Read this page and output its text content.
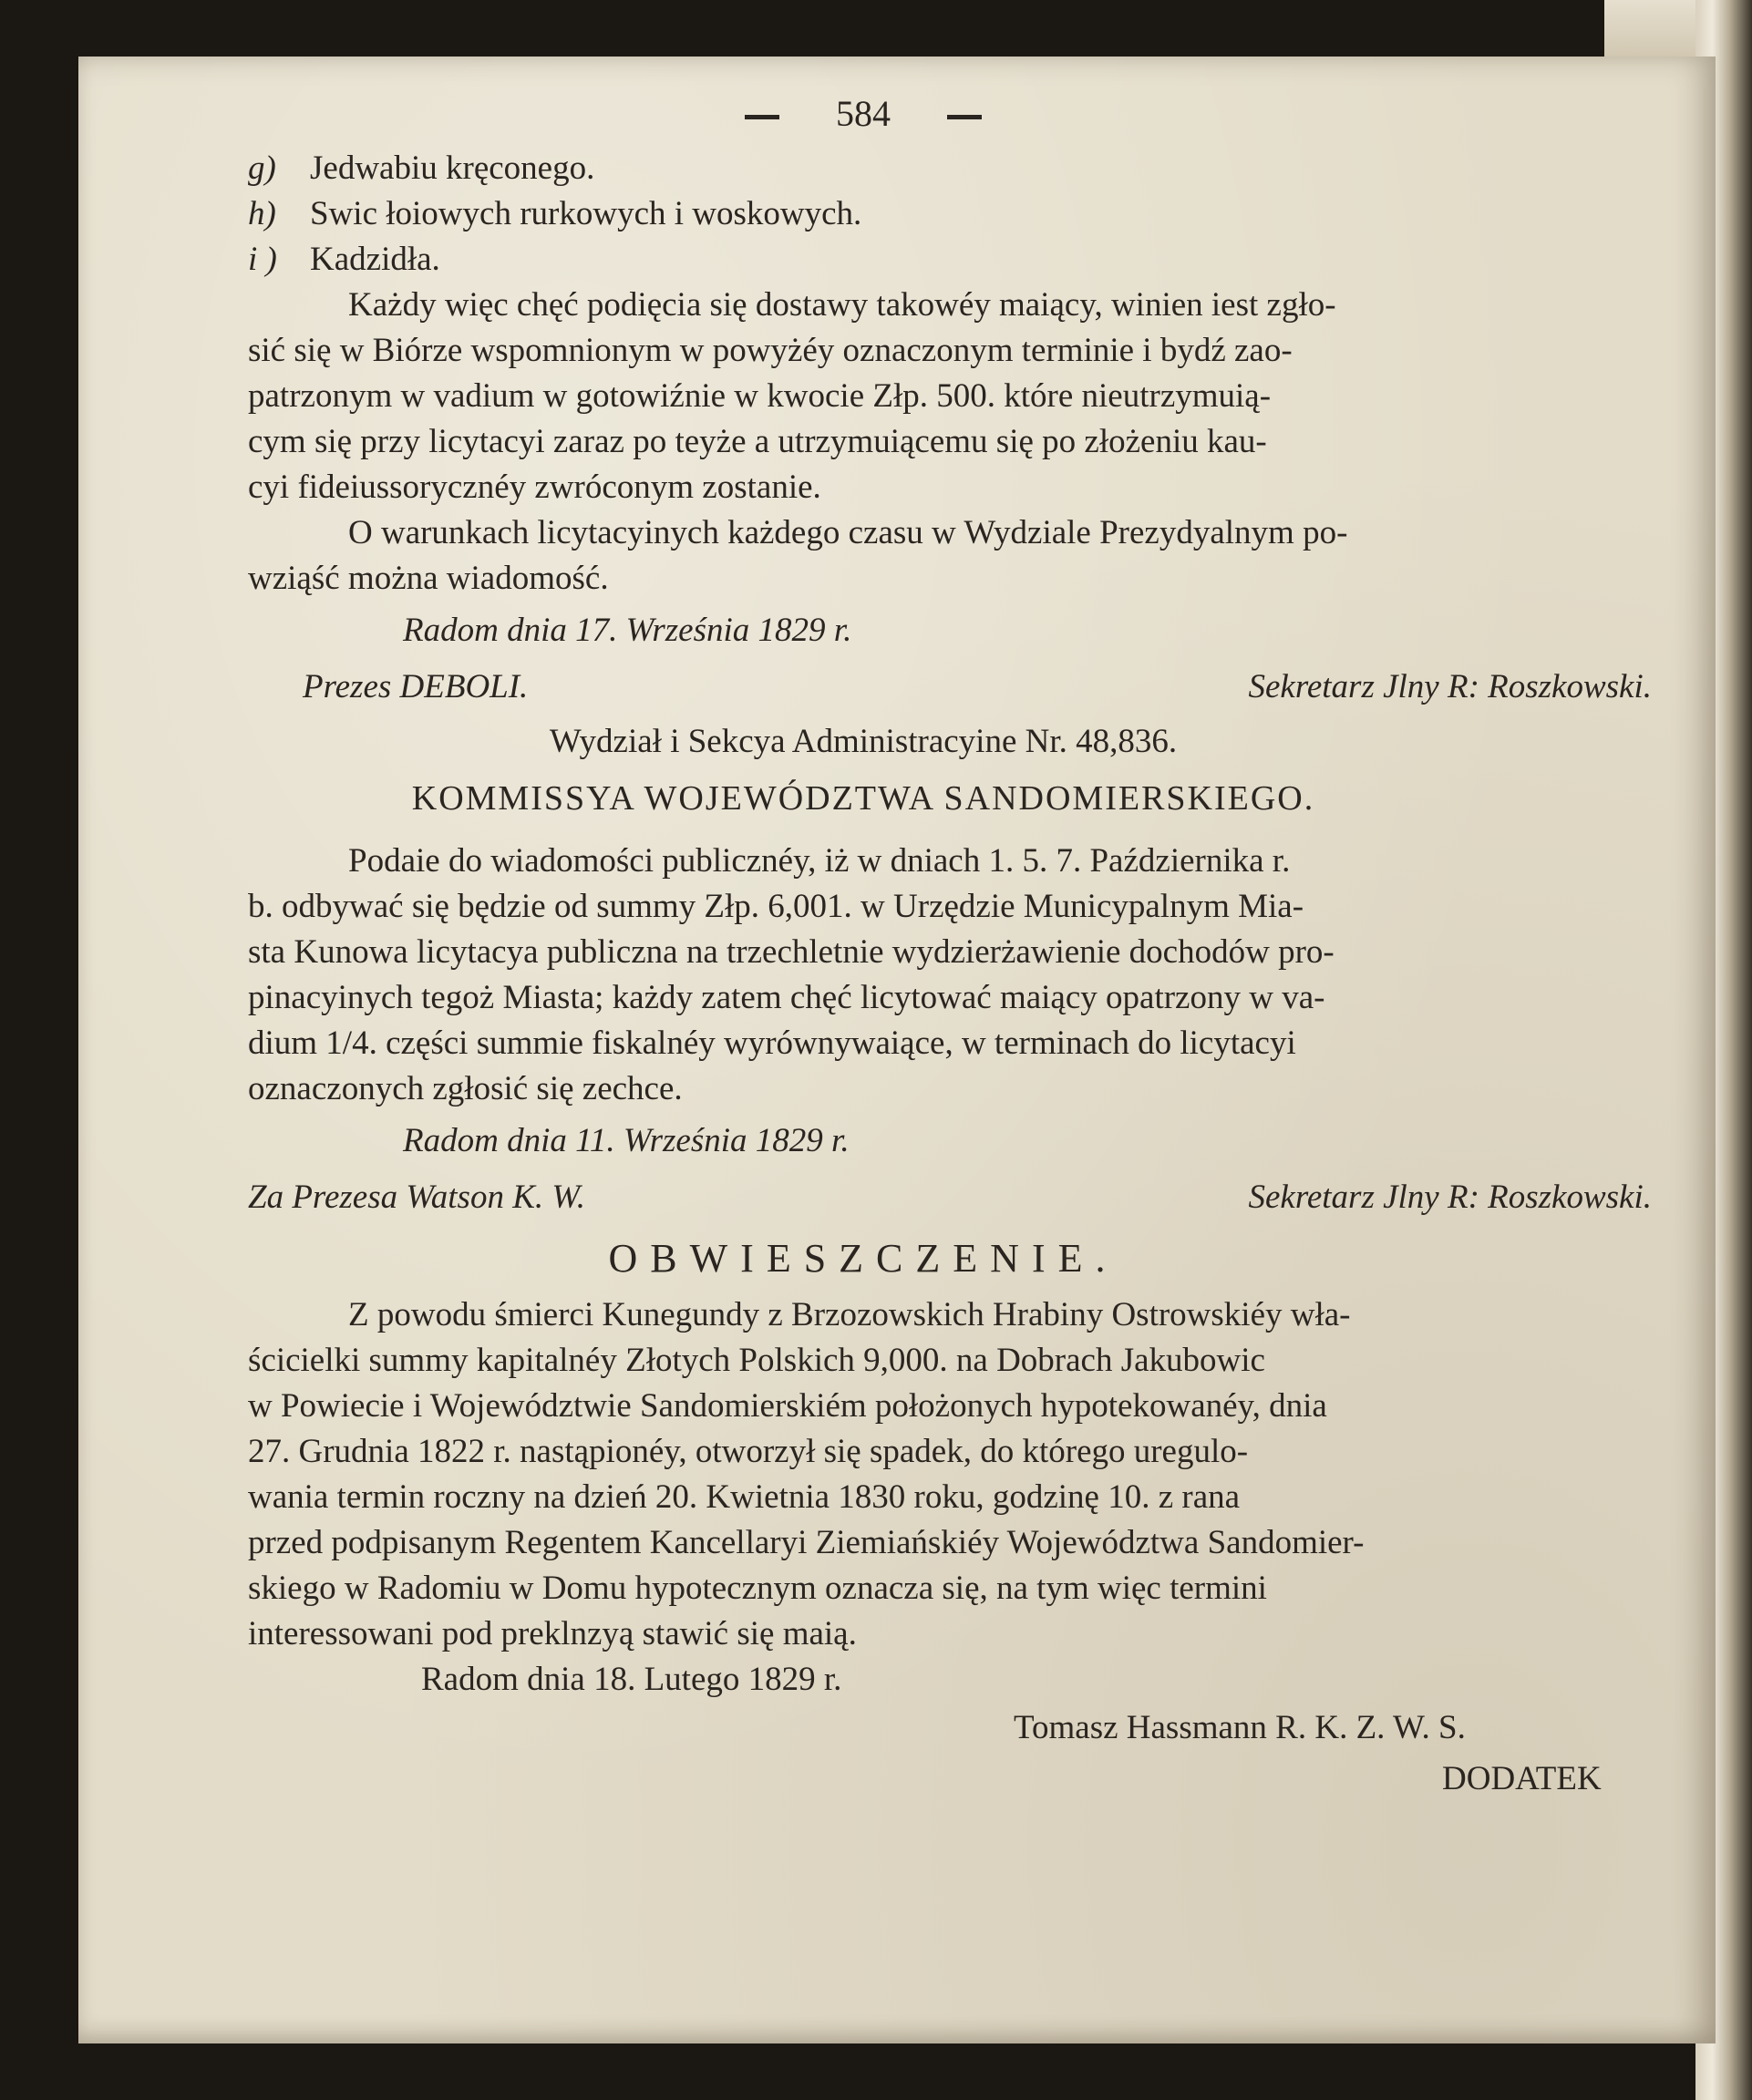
584
g) Jedwabiu kręconego.
h) Swic łoiowych rurkowych i woskowych.
i ) Kadzidła.
Każdy więc chęć podięcia się dostawy takowéy maiący, winien iest zgło-
sić się w Biórze wspomnionym w powyżéy oznaczonym terminie i bydź zao-
patrzonym w vadium w gotowiźnie w kwocie Złp. 500. które nieutrzymuią-
cym się przy licytacyi zaraz po teyże a utrzymuiącemu się po złożeniu kau-
cyi fideiussorycznéy zwróconym zostanie.
O warunkach licytacyinych każdego czasu w Wydziale Prezydyalnym po-
wziąść można wiadomość.
Radom dnia 17. Września 1829 r.
Prezes DEBOLI.	Sekretarz Jlny R: Roszkowski.
Wydział i Sekcya Administracyine Nr. 48,836.
KOMMISSYA WOJEWÓDZTWA SANDOMIERSKIEGO.
Podaie do wiadomości publicznéy, iż w dniach 1. 5. 7. Października r.
b. odbywać się będzie od summy Złp. 6,001. w Urzędzie Municypalnym Mia-
sta Kunowa licytacya publiczna na trzechletnie wydzierżawienie dochodów pro-
pinacyinych tegoż Miasta; każdy zatem chęć licytować maiący opatrzony w va-
dium 1/4. części summie fiskalnéy wyrównywaiące, w terminach do licytacyi
oznaczonych zgłosić się zechce.
Radom dnia 11. Września 1829 r.
Za Prezesa Watson K. W.	Sekretarz Jlny R: Roszkowski.
OBWIESZCZENIE.
Z powodu śmierci Kunegundy z Brzozowskich Hrabiny Ostrowskiéy wła-
ścicielki summy kapitalnéy Złotych Polskich 9,000. na Dobrach Jakubowic
w Powiecie i Województwie Sandomierskiém położonych hypotekowanéy, dnia
27. Grudnia 1822 r. nastąpionéy, otworzył się spadek, do którego uregulo-
wania termin roczny na dzień 20. Kwietnia 1830 roku, godzinę 10. z rana
przed podpisanym Regentem Kancellaryi Ziemiańskiéy Województwa Sandomier-
skiego w Radomiu w Domu hypotecznym oznacza się, na tym więc termini
interessowani pod preklnzyą stawić się maią.
Radom dnia 18. Lutego 1829 r.
Tomasz Hassmann R. K. Z. W. S.
DODATEK
